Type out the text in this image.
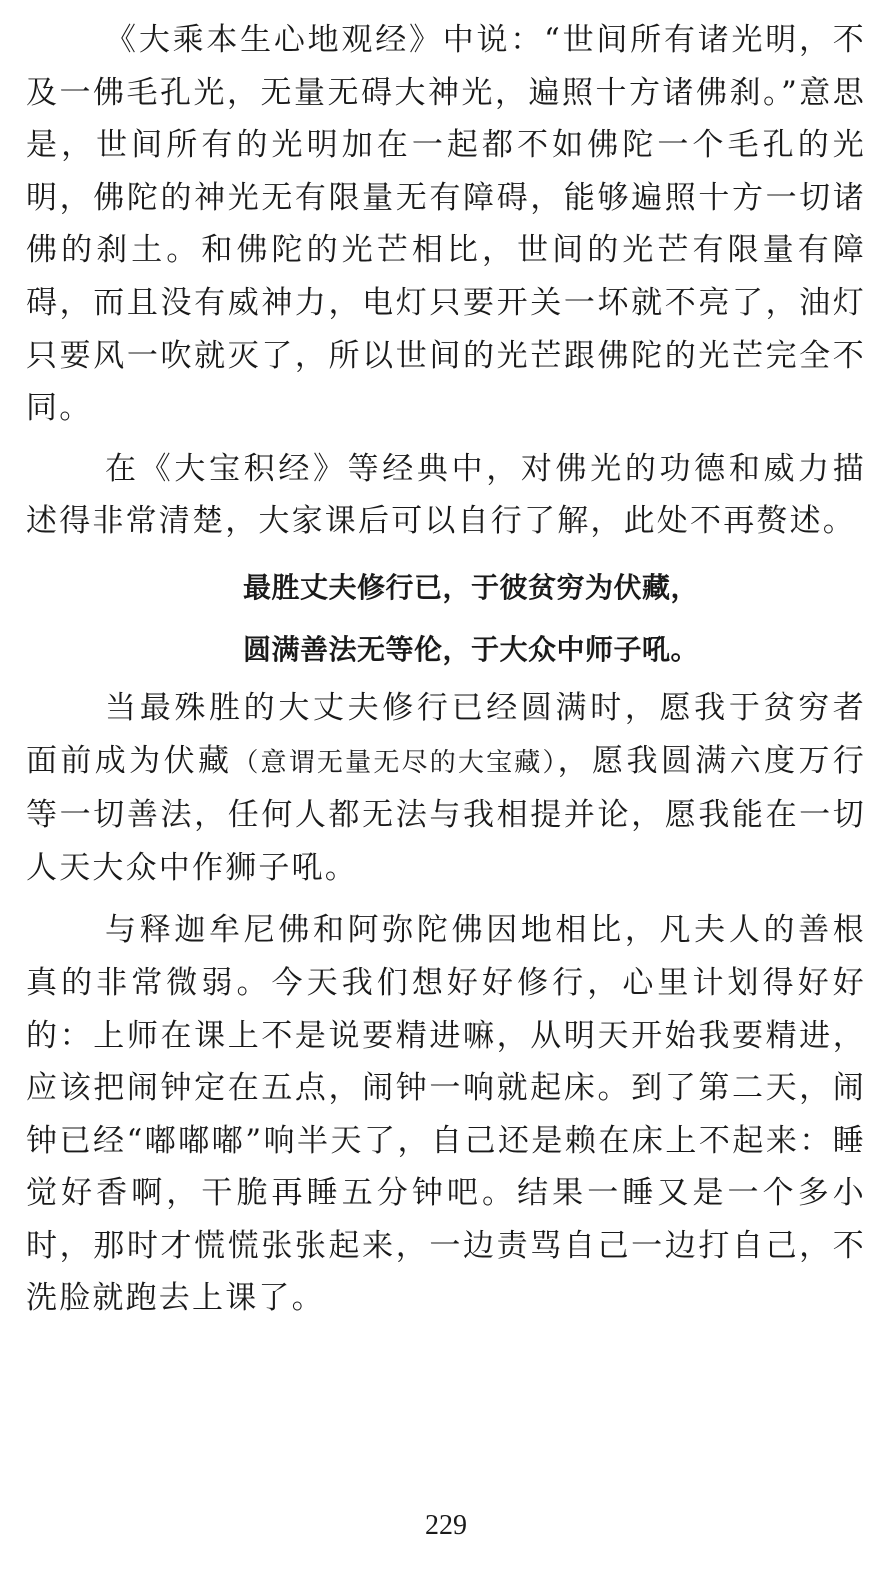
《大乘本生心地观经》中说：“世间所有诸光明，不及一佛毛孔光，无量无碍大神光，遍照十方诸佛刹。”意思是，世间所有的光明加在一起都不如佛陀一个毛孔的光明，佛陀的神光无有限量无有障碍，能够遍照十方一切诸佛的刹土。和佛陀的光芒相比，世间的光芒有限量有障碍，而且没有威神力，电灯只要开关一坏就不亮了，油灯只要风一吹就灭了，所以世间的光芒跟佛陀的光芒完全不同。

在《大宝积经》等经典中，对佛光的功德和威力描述得非常清楚，大家课后可以自行了解，此处不再赘述。

最胜丈夫修行已，于彼贫穷为伏藏，

圆满善法无等伦，于大众中师子吼。

当最殊胜的大丈夫修行已经圆满时，愿我于贫穷者面前成为伏藏（意谓无量无尽的大宝藏），愿我圆满六度万行等一切善法，任何人都无法与我相提并论，愿我能在一切人天大众中作狮子吼。

与释迦牟尼佛和阿弥陀佛因地相比，凡夫人的善根真的非常微弱。今天我们想好好修行，心里计划得好好的：上师在课上不是说要精进嘛，从明天开始我要精进，应该把闹钟定在五点，闹钟一响就起床。到了第二天，闹钟已经“嘟嘟嘟”响半天了，自己还是赖在床上不起来：睡觉好香啊，干脆再睡五分钟吧。结果一睡又是一个多小时，那时才慌慌张张起来，一边责骂自己一边打自己，不洗脸就跑去上课了。

229
